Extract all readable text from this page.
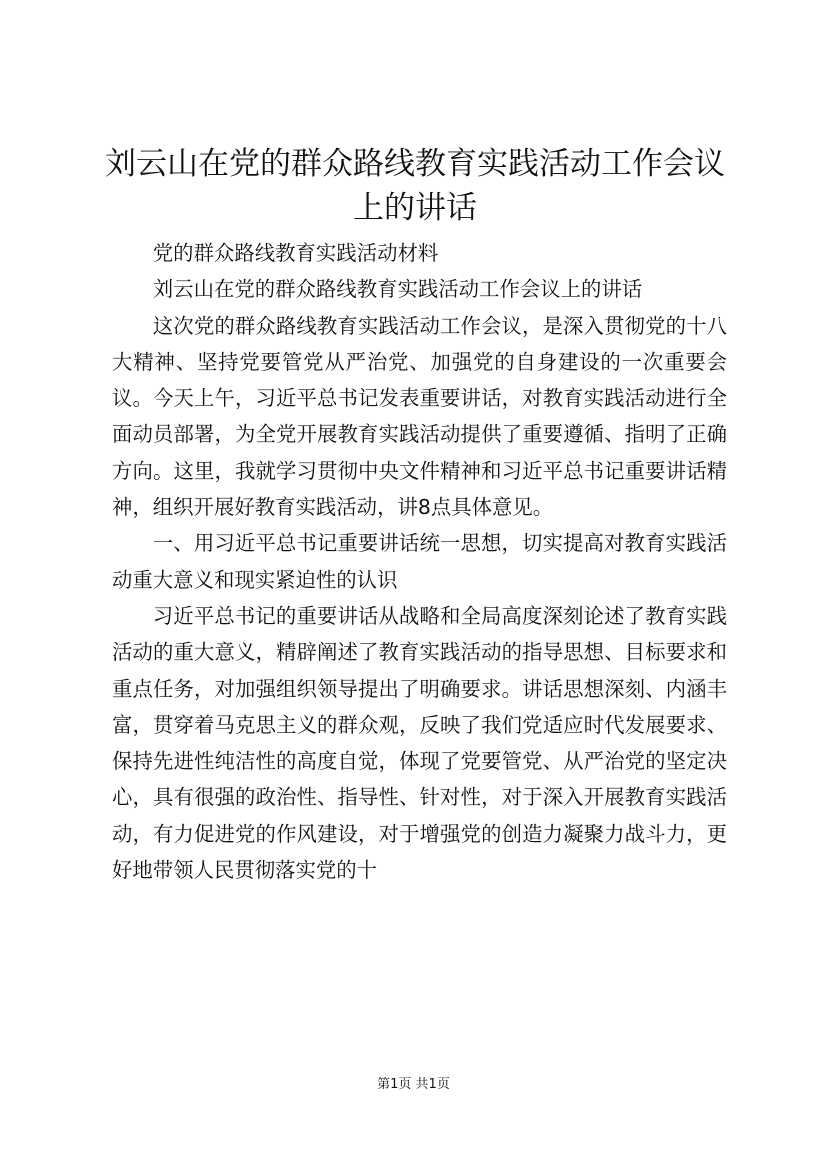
刘云山在党的群众路线教育实践活动工作会议上的讲话

党的群众路线教育实践活动材料

刘云山在党的群众路线教育实践活动工作会议上的讲话

这次党的群众路线教育实践活动工作会议，是深入贯彻党的十八大精神、坚持党要管党从严治党、加强党的自身建设的一次重要会议。今天上午，习近平总书记发表重要讲话，对教育实践活动进行全面动员部署，为全党开展教育实践活动提供了重要遵循、指明了正确方向。这里，我就学习贯彻中央文件精神和习近平总书记重要讲话精神，组织开展好教育实践活动，讲8点具体意见。

一、用习近平总书记重要讲话统一思想，切实提高对教育实践活动重大意义和现实紧迫性的认识

习近平总书记的重要讲话从战略和全局高度深刻论述了教育实践活动的重大意义，精辟阐述了教育实践活动的指导思想、目标要求和重点任务，对加强组织领导提出了明确要求。讲话思想深刻、内涵丰富，贯穿着马克思主义的群众观，反映了我们党适应时代发展要求、保持先进性纯洁性的高度自觉，体现了党要管党、从严治党的坚定决心，具有很强的政治性、指导性、针对性，对于深入开展教育实践活动，有力促进党的作风建设，对于增强党的创造力凝聚力战斗力，更好地带领人民贯彻落实党的十

第1页 共1页
